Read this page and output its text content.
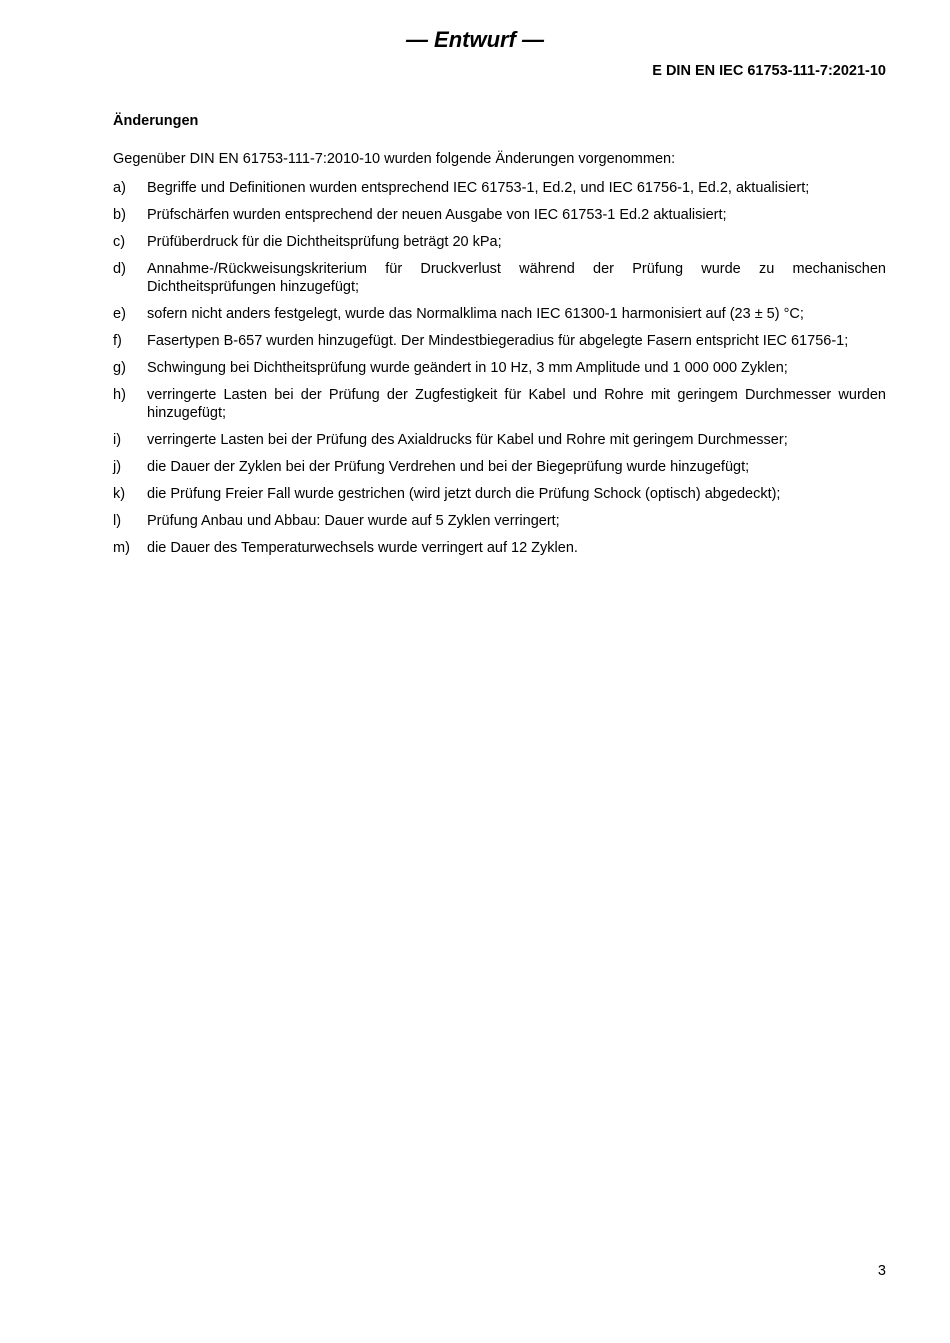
— Entwurf —
E DIN EN IEC 61753-111-7:2021-10
Änderungen
Gegenüber DIN EN 61753-111-7:2010-10 wurden folgende Änderungen vorgenommen:
a)	Begriffe und Definitionen wurden entsprechend IEC 61753-1, Ed.2, und IEC 61756-1, Ed.2, aktualisiert;
b)	Prüfschärfen wurden entsprechend der neuen Ausgabe von IEC 61753-1 Ed.2 aktualisiert;
c)	Prüfüberdruck für die Dichtheitsprüfung beträgt 20 kPa;
d)	Annahme-/Rückweisungskriterium für Druckverlust während der Prüfung wurde zu mechanischen Dichtheitsprüfungen hinzugefügt;
e)	sofern nicht anders festgelegt, wurde das Normalklima nach IEC 61300-1 harmonisiert auf (23 ± 5) °C;
f)	Fasertypen B-657 wurden hinzugefügt. Der Mindestbiegeradius für abgelegte Fasern entspricht IEC 61756-1;
g)	Schwingung bei Dichtheitsprüfung wurde geändert in 10 Hz, 3 mm Amplitude und 1 000 000 Zyklen;
h)	verringerte Lasten bei der Prüfung der Zugfestigkeit für Kabel und Rohre mit geringem Durchmesser wurden hinzugefügt;
i)	verringerte Lasten bei der Prüfung des Axialdrucks für Kabel und Rohre mit geringem Durchmesser;
j)	die Dauer der Zyklen bei der Prüfung Verdrehen und bei der Biegeprüfung wurde hinzugefügt;
k)	die Prüfung Freier Fall wurde gestrichen (wird jetzt durch die Prüfung Schock (optisch) abgedeckt);
l)	Prüfung Anbau und Abbau: Dauer wurde auf 5 Zyklen verringert;
m)	die Dauer des Temperaturwechsels wurde verringert auf 12 Zyklen.
3
